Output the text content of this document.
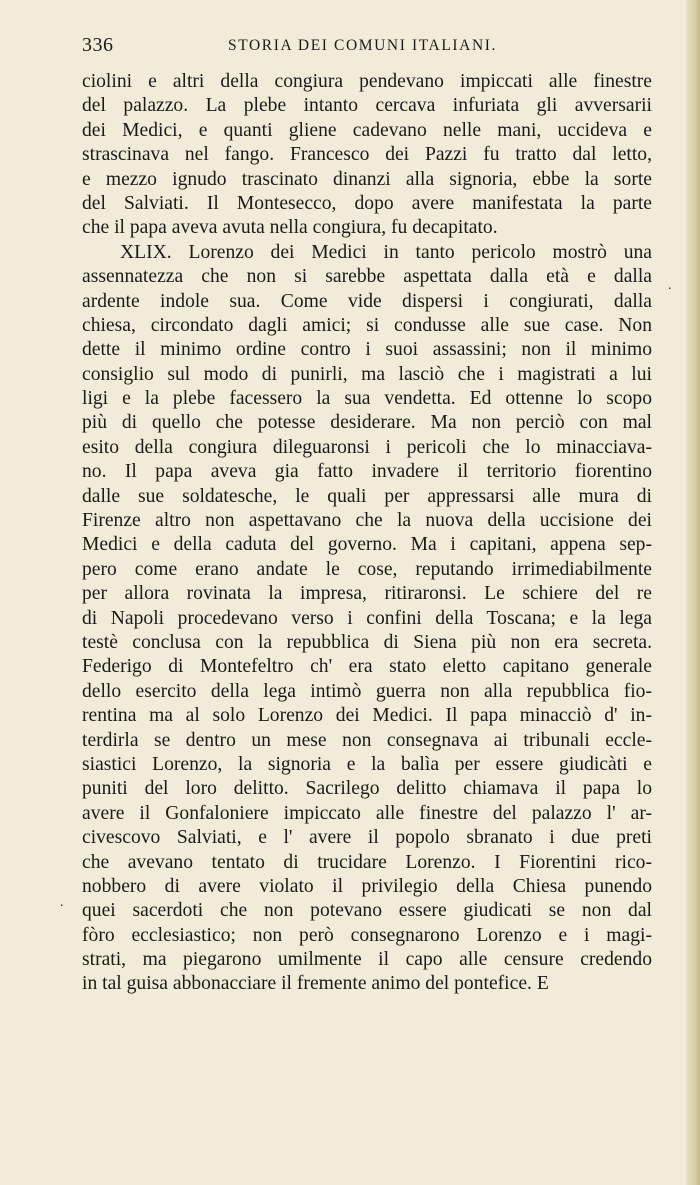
336	STORIA DEI COMUNI ITALIANI.
ciolini e altri della congiura pendevano impiccati alle finestre
del palazzo. La plebe intanto cercava infuriata gli avversarii
dei Medici, e quanti gliene cadevano nelle mani, uccideva e
strascinava nel fango. Francesco dei Pazzi fu tratto dal letto,
e mezzo ignudo trascinato dinanzi alla signoria, ebbe la sorte
del Salviati. Il Montesecco, dopo avere manifestata la parte
che il papa aveva avuta nella congiura, fu decapitato.
XLIX. Lorenzo dei Medici in tanto pericolo mostrò una
assennatezza che non si sarebbe aspettata dalla età e dalla
ardente indole sua. Come vide dispersi i congiurati, dalla
chiesa, circondato dagli amici; si condusse alle sue case. Non
dette il minimo ordine contro i suoi assassini; non il minimo
consiglio sul modo di punirli, ma lasciò che i magistrati a lui
ligi e la plebe facessero la sua vendetta. Ed ottenne lo scopo
più di quello che potesse desiderare. Ma non perciò con mal
esito della congiura dileguaronsi i pericoli che lo minacciava-
no. Il papa aveva gia fatto invadere il territorio fiorentino
dalle sue soldatesche, le quali per appressarsi alle mura di
Firenze altro non aspettavano che la nuova della uccisione dei
Medici e della caduta del governo. Ma i capitani, appena sep-
pero come erano andate le cose, reputando irrimediabilmente
per allora rovinata la impresa, ritiraronsi. Le schiere del re
di Napoli procedevano verso i confini della Toscana; e la lega
testè conclusa con la repubblica di Siena più non era secreta.
Federigo di Montefeltro ch' era stato eletto capitano generale
dello esercito della lega intimò guerra non alla repubblica fio-
rentina ma al solo Lorenzo dei Medici. Il papa minacciò d' in-
terdirla se dentro un mese non consegnava ai tribunali eccle-
siastici Lorenzo, la signoria e la balìa per essere giudicàti e
puniti del loro delitto. Sacrilego delitto chiamava il papa lo
avere il Gonfaloniere impiccato alle finestre del palazzo l' ar-
civescovo Salviati, e l' avere il popolo sbranato i due preti
che avevano tentato di trucidare Lorenzo. I Fiorentini rico-
nobbero di avere violato il privilegio della Chiesa punendo
quei sacerdoti che non potevano essere giudicati se non dal
fòro ecclesiastico; non però consegnarono Lorenzo e i magi-
strati, ma piegarono umilmente il capo alle censure credendo
in tal guisa abbonacciare il fremente animo del pontefice. E
.
.
